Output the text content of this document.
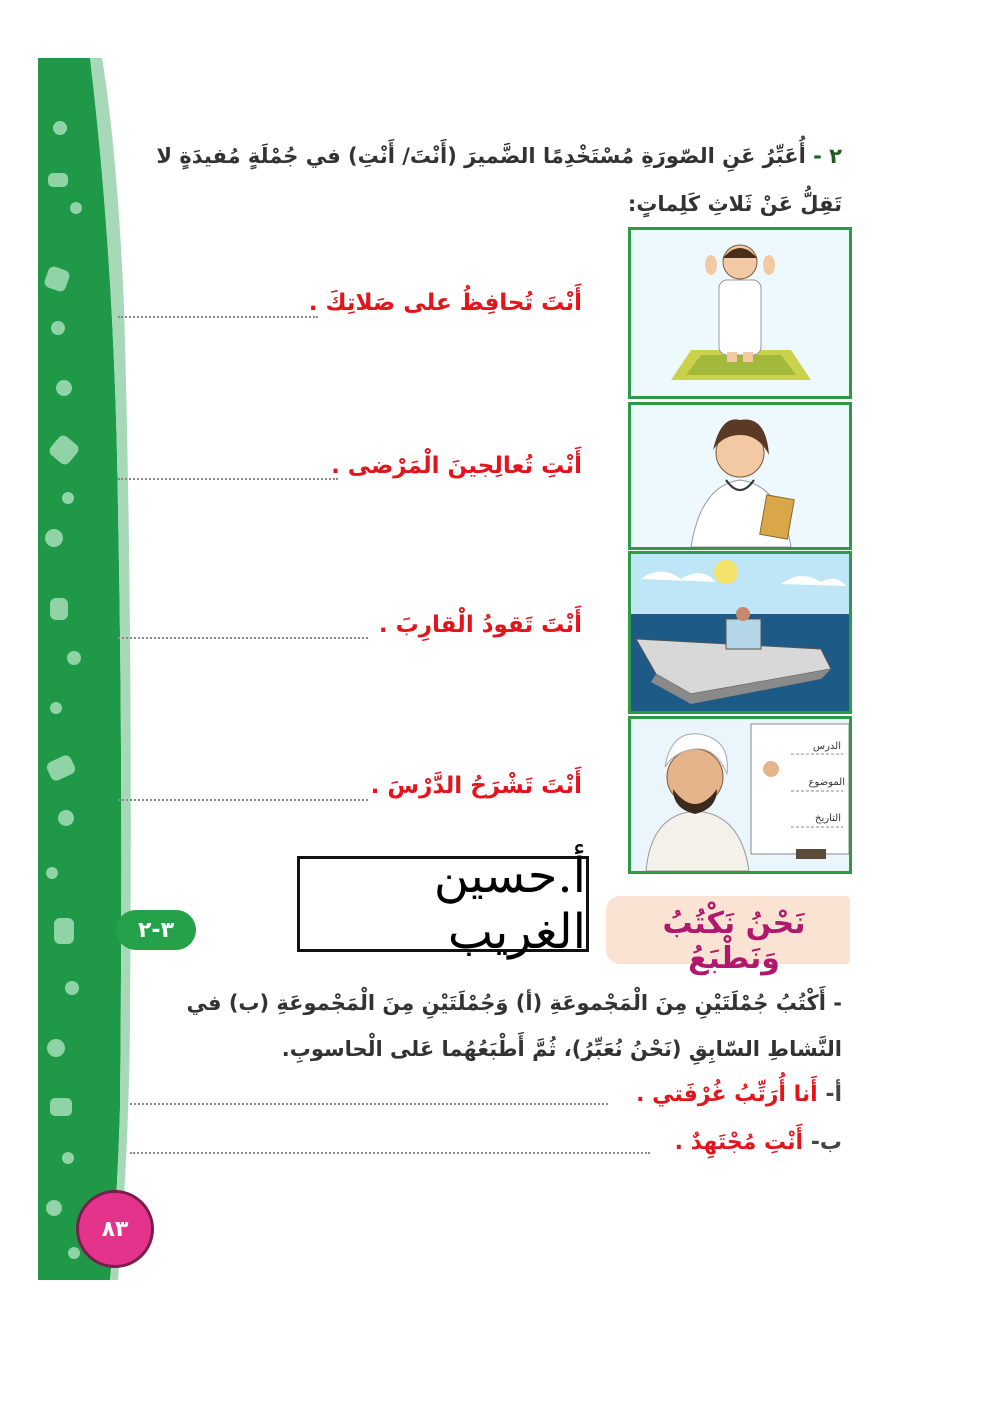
٢ - أُعَبِّرُ عَنِ الصّورَةِ مُسْتَخْدِمًا الضَّميرَ (أَنْتَ/ أَنْتِ) في جُمْلَةٍ مُفيدَةٍ لا تَقِلُّ عَنْ ثَلاثِ كَلِماتٍ:
أَنْتَ تُحافِظُ على صَلاتِكَ .
أَنْتِ تُعالِجينَ الْمَرْضى .
أَنْتَ تَقودُ الْقارِبَ .
الدرس
الموضوع
التاريخ
أَنْتَ تَشْرَحُ الدَّرْسَ .
أ.حسين الغريب	نَحْنُ نَكْتُبُ وَنَطْبَعُ
٣-٢
- أَكْتُبُ جُمْلَتَيْنِ مِنَ الْمَجْموعَةِ (أ) وَجُمْلَتَيْنِ مِنَ الْمَجْموعَةِ (ب) في النَّشاطِ السّابِقِ (نَحْنُ نُعَبِّرُ)، ثُمَّ أَطْبَعُهُما عَلى الْحاسوبِ.
أ- أَنا أُرَتِّبُ غُرْفَتي .
ب- أَنْتِ مُجْتَهِدٌ .
٨٣
